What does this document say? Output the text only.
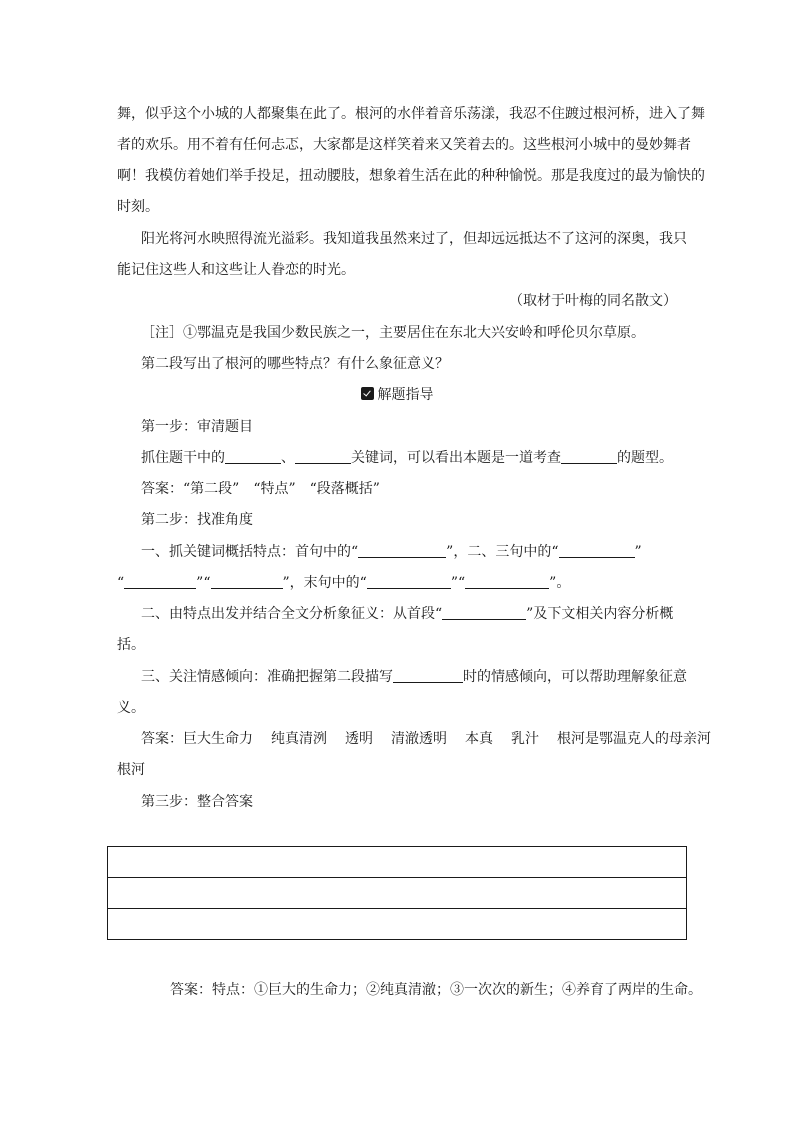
舞，似乎这个小城的人都聚集在此了。根河的水伴着音乐荡漾，我忍不住踱过根河桥，进入了舞
者的欢乐。用不着有任何忐忑，大家都是这样笑着来又笑着去的。这些根河小城中的曼妙舞者
啊！我模仿着她们举手投足，扭动腰肢，想象着生活在此的种种愉悦。那是我度过的最为愉快的
时刻。
阳光将河水映照得流光溢彩。我知道我虽然来过了，但却远远抵达不了这河的深奥，我只
能记住这些人和这些让人眷恋的时光。
（取材于叶梅的同名散文）
［注］①鄂温克是我国少数民族之一，主要居住在东北大兴安岭和呼伦贝尔草原。
第二段写出了根河的哪些特点？有什么象征意义？
解题指导
第一步：审清题目
抓住题干中的	、	关键词，可以看出本题是一道考查	的题型。
答案：“第二段”　“特点”　“段落概括”
第二步：找准角度
一、抓关键词概括特点：首句中的“	”，二、三句中的“	”
“	”“	”，末句中的“	”“	”。
二、由特点出发并结合全文分析象征义：从首段“	”及下文相关内容分析概
括。
三、关注情感倾向：准确把握第二段描写	时的情感倾向，可以帮助理解象征意
义。
答案：巨大生命力 纯真清洌 透明 清澈透明 本真 乳汁 根河是鄂温克人的母亲河
根河
第三步：整合答案

答案：特点：①巨大的生命力；②纯真清澈；③一次次的新生；④养育了两岸的生命。
